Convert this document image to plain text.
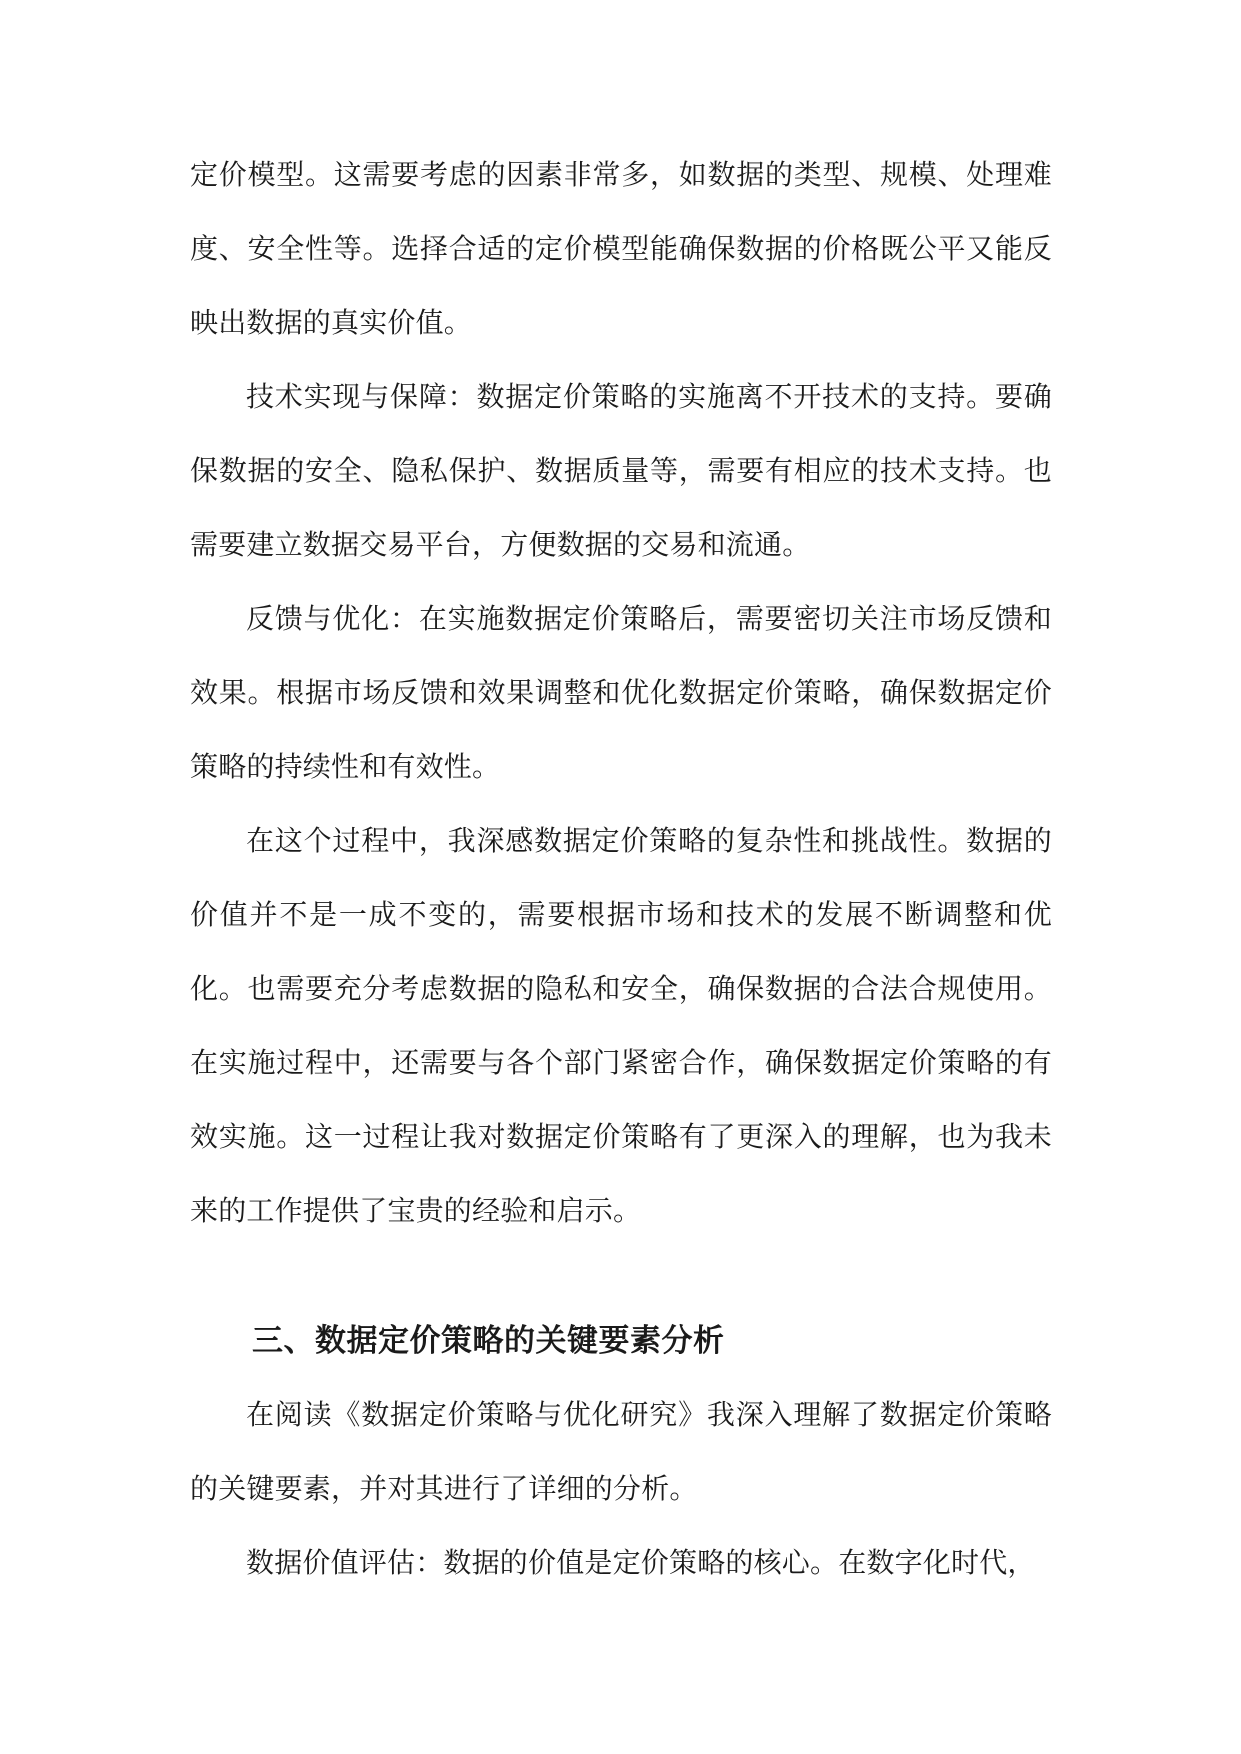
定价模型。这需要考虑的因素非常多，如数据的类型、规模、处理难度、安全性等。选择合适的定价模型能确保数据的价格既公平又能反映出数据的真实价值。

技术实现与保障：数据定价策略的实施离不开技术的支持。要确保数据的安全、隐私保护、数据质量等，需要有相应的技术支持。也需要建立数据交易平台，方便数据的交易和流通。

反馈与优化：在实施数据定价策略后，需要密切关注市场反馈和效果。根据市场反馈和效果调整和优化数据定价策略，确保数据定价策略的持续性和有效性。

在这个过程中，我深感数据定价策略的复杂性和挑战性。数据的价值并不是一成不变的，需要根据市场和技术的发展不断调整和优化。也需要充分考虑数据的隐私和安全，确保数据的合法合规使用。在实施过程中，还需要与各个部门紧密合作，确保数据定价策略的有效实施。这一过程让我对数据定价策略有了更深入的理解，也为我未来的工作提供了宝贵的经验和启示。

三、数据定价策略的关键要素分析

在阅读《数据定价策略与优化研究》我深入理解了数据定价策略的关键要素，并对其进行了详细的分析。

数据价值评估：数据的价值是定价策略的核心。在数字化时代，
